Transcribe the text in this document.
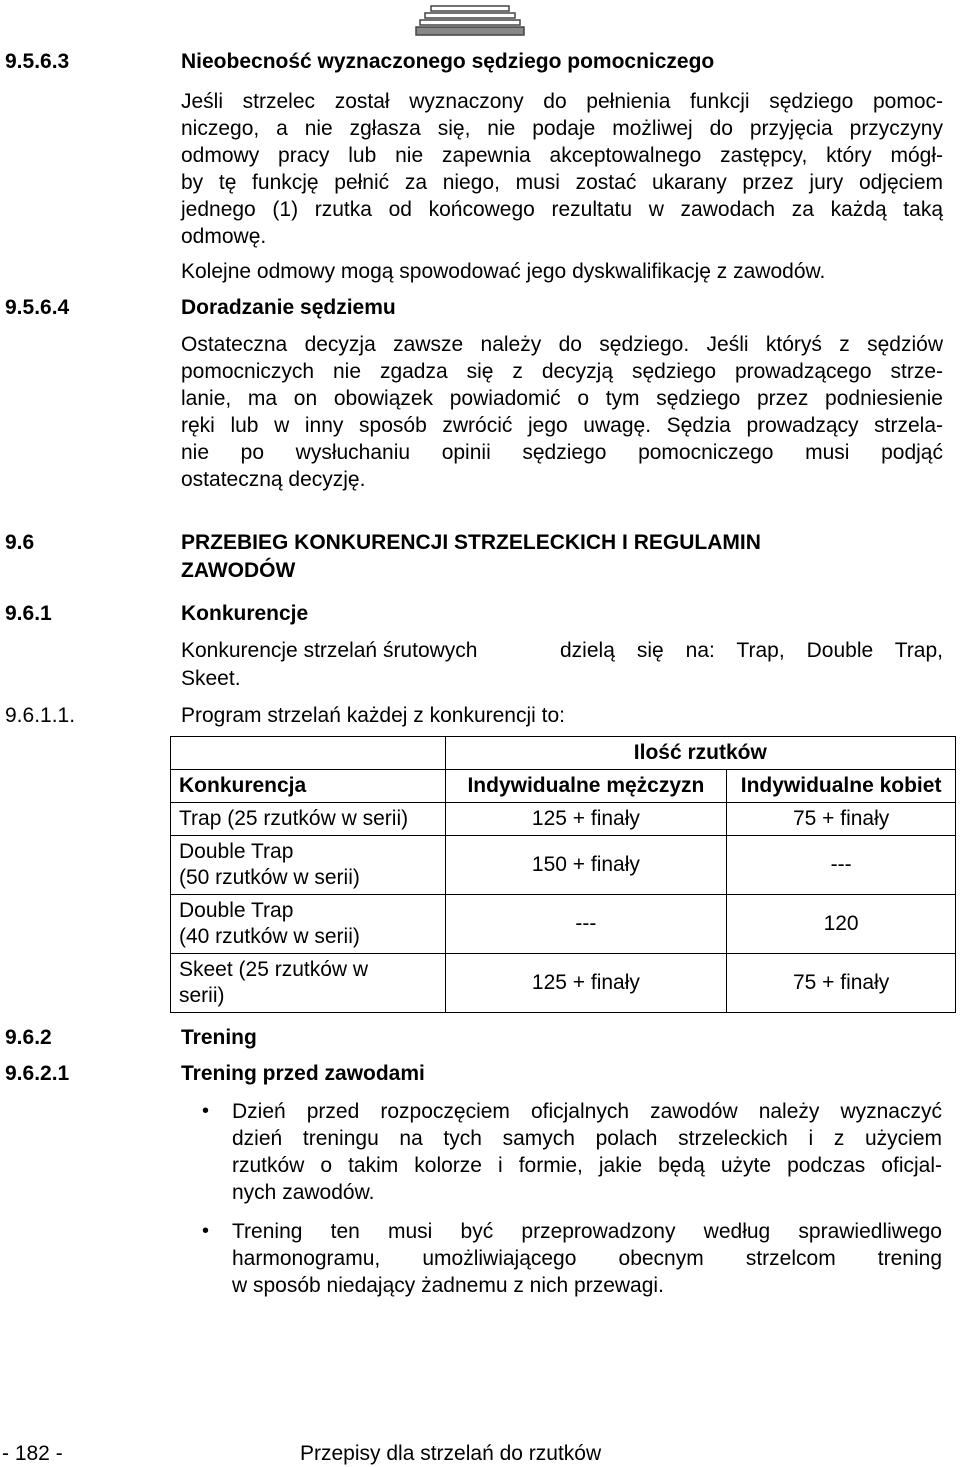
9.5.6.3	Nieobecność wyznaczonego sędziego pomocniczego
Jeśli strzelec został wyznaczony do pełnienia funkcji sędziego pomoc-
niczego, a nie zgłasza się, nie podaje możliwej do przyjęcia przyczyny
odmowy pracy lub nie zapewnia akceptowalnego zastępcy, który mógł-
by tę funkcję pełnić za niego, musi zostać ukarany przez jury odjęciem
jednego (1) rzutka od końcowego rezultatu w zawodach za każdą taką
odmowę.
Kolejne odmowy mogą spowodować jego dyskwalifikację z zawodów.
9.5.6.4	Doradzanie sędziemu
Ostateczna decyzja zawsze należy do sędziego. Jeśli któryś z sędziów
pomocniczych nie zgadza się z decyzją sędziego prowadzącego strze-
lanie, ma on obowiązek powiadomić o tym sędziego przez podniesienie
ręki lub w inny sposób zwrócić jego uwagę. Sędzia prowadzący strzela-
nie po wysłuchaniu opinii sędziego pomocniczego musi podjąć
ostateczną decyzję.
9.6	PRZEBIEG KONKURENCJI STRZELECKICH I REGULAMIN
ZAWODÓW
9.6.1	Konkurencje
Konkurencje strzelań śrutowych	dzielą się na: Trap, Double Trap,
Skeet.
9.6.1.1.	Program strzelań każdej z konkurencji to:
	Ilość rzutków	
Konkurencja	Indywidualne mężczyzn	Indywidualne kobiet
Trap (25 rzutków w serii)	125 + finały	75 + finały

Double Trap
(50 rzutków w serii)	150 + finały	---

Double Trap
(40 rzutków w serii)	---	120

Skeet (25 rzutków w
serii)	125 + finały	75 + finały
9.6.2	Trening
9.6.2.1	Trening przed zawodami
• Dzień przed rozpoczęciem oficjalnych zawodów należy wyznaczyć
dzień treningu na tych samych polach strzeleckich i z użyciem
rzutków o takim kolorze i formie, jakie będą użyte podczas oficjal-
nych zawodów.
• Trening ten musi być przeprowadzony według sprawiedliwego
harmonogramu, umożliwiającego obecnym strzelcom trening
w sposób niedający żadnemu z nich przewagi.
- 182 -	Przepisy dla strzelań do rzutków
